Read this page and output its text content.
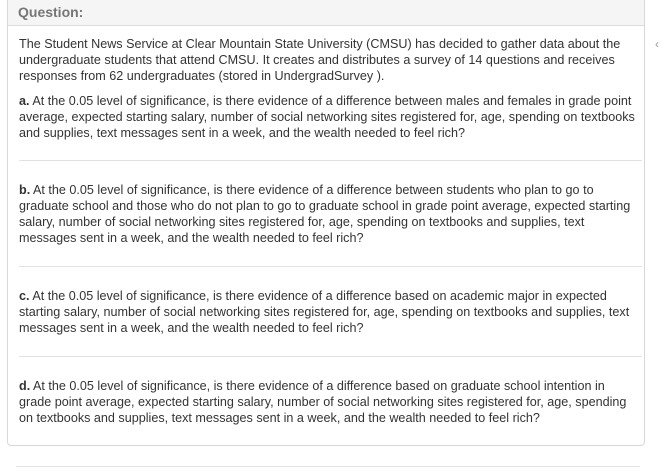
Question:

The Student News Service at Clear Mountain State University (CMSU) has decided to gather data about the undergraduate students that attend CMSU. It creates and distributes a survey of 14 questions and receives responses from 62 undergraduates (stored in UndergradSurvey ).

a. At the 0.05 level of significance, is there evidence of a difference between males and females in grade point average, expected starting salary, number of social networking sites registered for, age, spending on textbooks and supplies, text messages sent in a week, and the wealth needed to feel rich?

b. At the 0.05 level of significance, is there evidence of a difference between students who plan to go to graduate school and those who do not plan to go to graduate school in grade point average, expected starting salary, number of social networking sites registered for, age, spending on textbooks and supplies, text messages sent in a week, and the wealth needed to feel rich?

c. At the 0.05 level of significance, is there evidence of a difference based on academic major in expected starting salary, number of social networking sites registered for, age, spending on textbooks and supplies, text messages sent in a week, and the wealth needed to feel rich?

d. At the 0.05 level of significance, is there evidence of a difference based on graduate school intention in grade point average, expected starting salary, number of social networking sites registered for, age, spending on textbooks and supplies, text messages sent in a week, and the wealth needed to feel rich?

‹
